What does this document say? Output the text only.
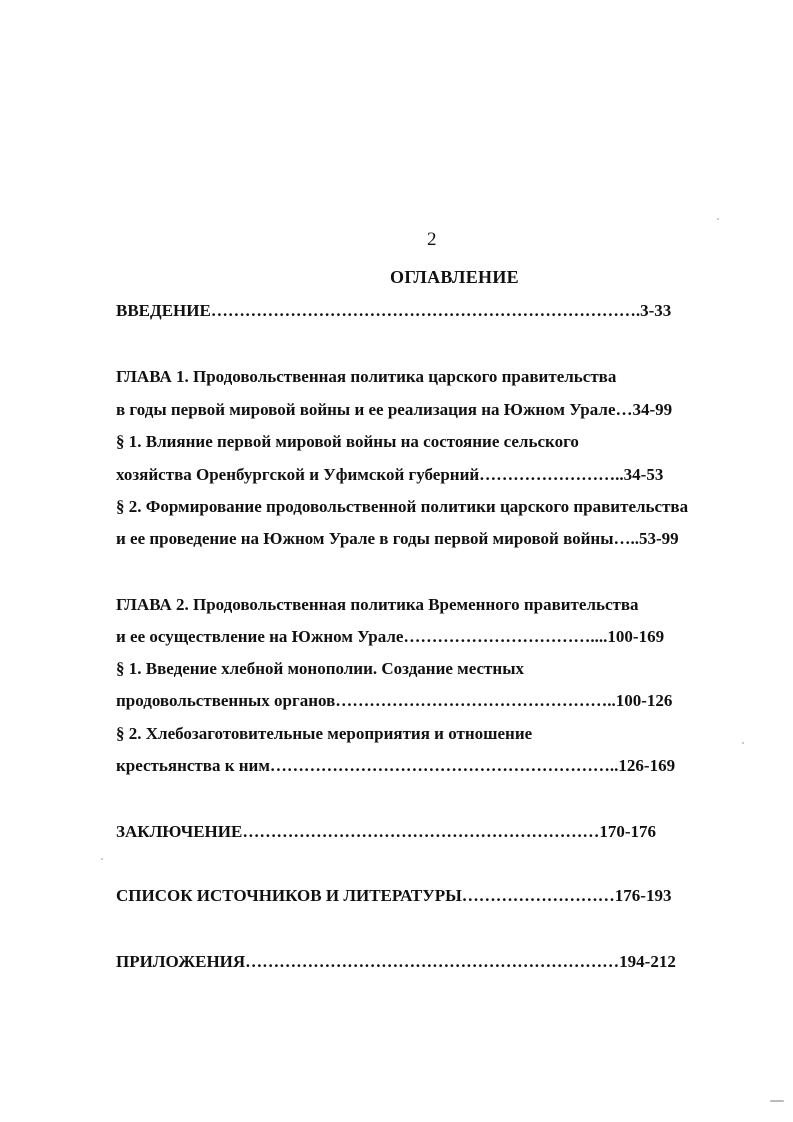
2
ОГЛАВЛЕНИЕ
ВВЕДЕНИЕ………………………………………………………………….3-33
ГЛАВА 1. Продовольственная политика царского правительства
в годы первой мировой войны и ее реализация на Южном Урале…34-99
§ 1. Влияние первой мировой войны на состояние сельского
хозяйства Оренбургской и Уфимской губерний……………………..34-53
§ 2. Формирование продовольственной политики царского правительства
и ее проведение на Южном Урале в годы первой мировой войны…..53-99
ГЛАВА 2. Продовольственная политика Временного правительства
и ее осуществление на Южном Урале……………………………....100-169
§ 1. Введение хлебной монополии. Создание местных
продовольственных органов…………………………………………..100-126
§ 2. Хлебозаготовительные мероприятия и отношение
крестьянства к ним……………………………………………………..126-169
ЗАКЛЮЧЕНИЕ………………………………………………………170-176
СПИСОК ИСТОЧНИКОВ И ЛИТЕРАТУРЫ………………………176-193
ПРИЛОЖЕНИЯ…………………………………………………………194-212
